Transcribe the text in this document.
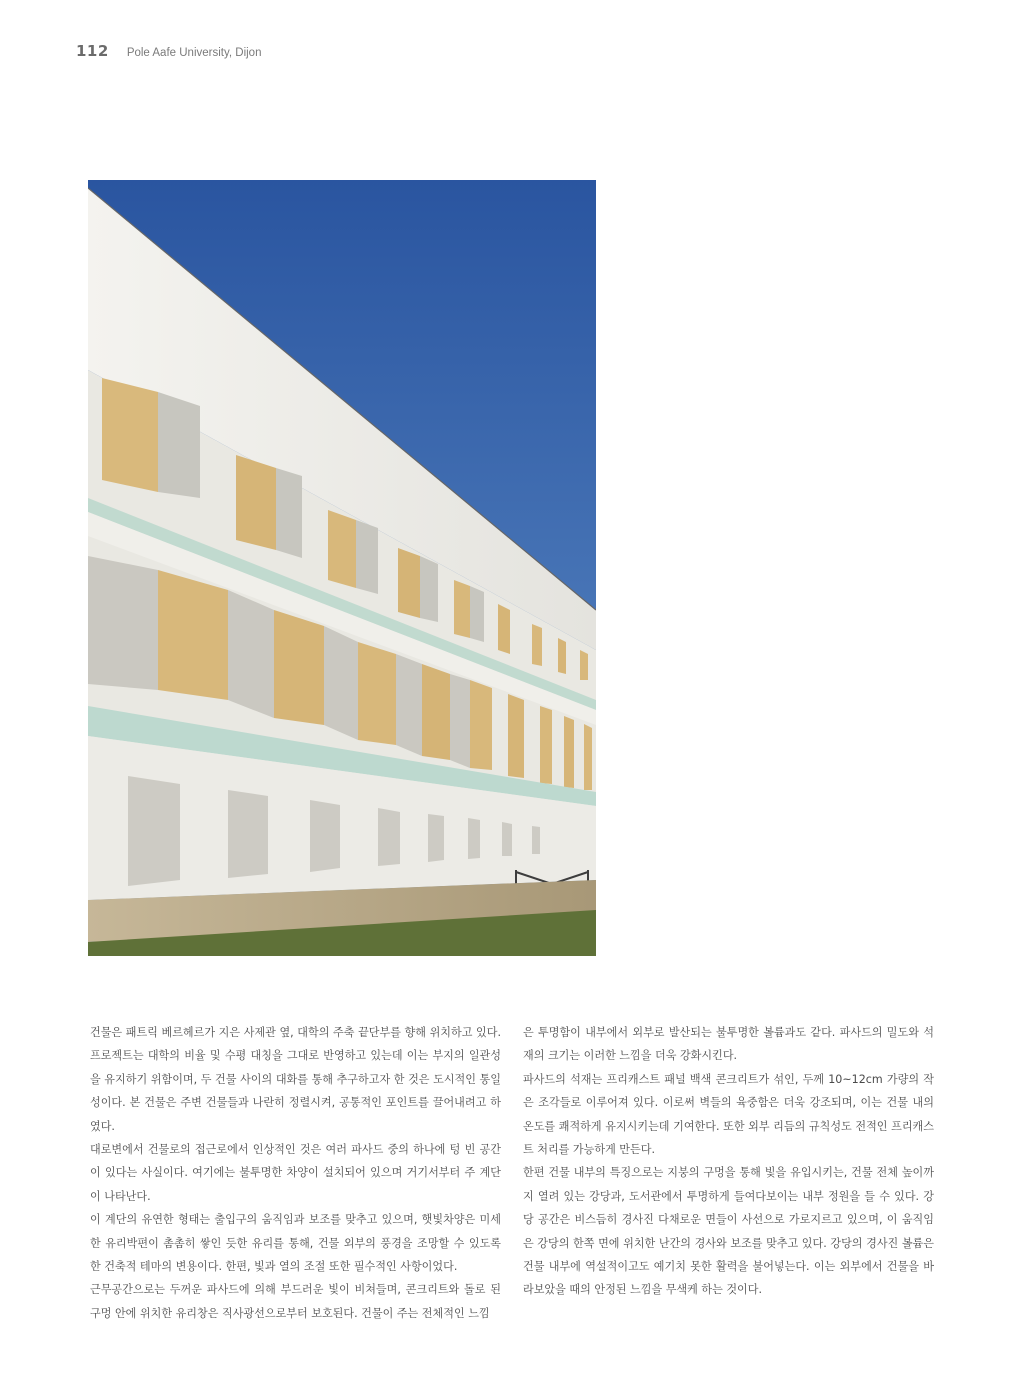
112 Pole Aafe University, Dijon

건물은 패트릭 베르헤르가 지은 사제관 옆, 대학의 주축 끝단부를 향해 위치하고 있다. 프로젝트는 대학의 비율 및 수평 대칭을 그대로 반영하고 있는데 이는 부지의 일관성을 유지하기 위함이며, 두 건물 사이의 대화를 통해 추구하고자 한 것은 도시적인 통일성이다. 본 건물은 주변 건물들과 나란히 정렬시켜, 공통적인 포인트를 끌어내려고 하였다.

대로변에서 건물로의 접근로에서 인상적인 것은 여러 파사드 중의 하나에 텅 빈 공간이 있다는 사실이다. 여기에는 불투명한 차양이 설치되어 있으며 거기서부터 주 계단이 나타난다.

이 계단의 유연한 형태는 출입구의 움직임과 보조를 맞추고 있으며, 햇빛차양은 미세한 유리박편이 촘촘히 쌓인 듯한 유리를 통해, 건물 외부의 풍경을 조망할 수 있도록 한 건축적 테마의 변용이다. 한편, 빛과 열의 조절 또한 필수적인 사항이었다.

근무공간으로는 두꺼운 파사드에 의해 부드러운 빛이 비쳐들며, 콘크리트와 돌로 된 구멍 안에 위치한 유리창은 직사광선으로부터 보호된다. 건물이 주는 전체적인 느낌

은 투명함이 내부에서 외부로 발산되는 불투명한 볼륨과도 같다. 파사드의 밀도와 석재의 크기는 이러한 느낌을 더욱 강화시킨다.

파사드의 석재는 프리캐스트 패널 백색 콘크리트가 섞인, 두께 10~12cm 가량의 작은 조각들로 이루어져 있다. 이로써 벽들의 육중함은 더욱 강조되며, 이는 건물 내의 온도를 쾌적하게 유지시키는데 기여한다. 또한 외부 리듬의 규칙성도 전적인 프리캐스트 처리를 가능하게 만든다.

한편 건물 내부의 특징으로는 지붕의 구멍을 통해 빛을 유입시키는, 건물 전체 높이까지 열려 있는 강당과, 도서관에서 투명하게 들여다보이는 내부 정원을 들 수 있다. 강당 공간은 비스듬히 경사진 다채로운 면들이 사선으로 가로지르고 있으며, 이 움직임은 강당의 한쪽 면에 위치한 난간의 경사와 보조를 맞추고 있다. 강당의 경사진 볼륨은 건물 내부에 역설적이고도 예기치 못한 활력을 불어넣는다. 이는 외부에서 건물을 바라보았을 때의 안정된 느낌을 무색케 하는 것이다.
